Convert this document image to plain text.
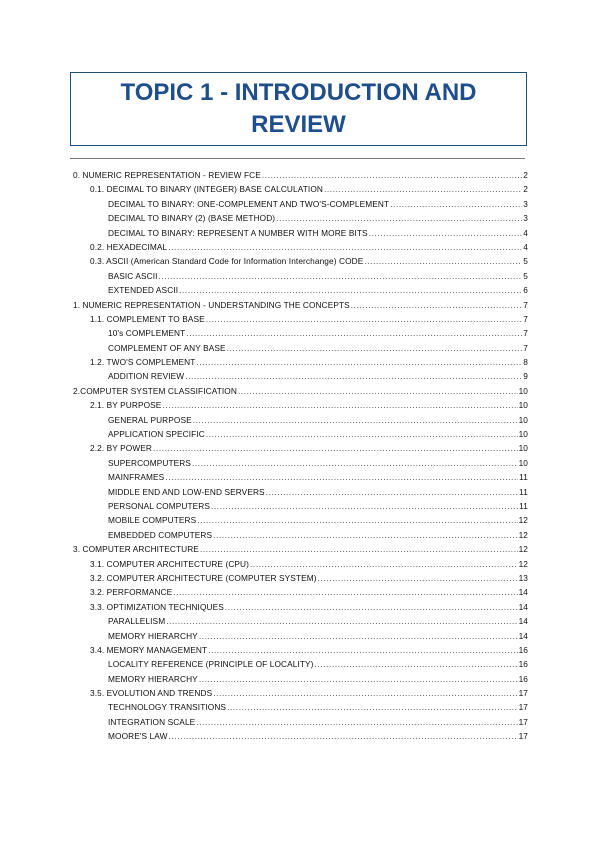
TOPIC 1 - INTRODUCTION AND
REVIEW
0. NUMERIC REPRESENTATION - REVIEW FCE .....	2
0.1. DECIMAL TO BINARY (INTEGER) BASE CALCULATION .....	2
DECIMAL TO BINARY: ONE-COMPLEMENT AND TWO'S-COMPLEMENT .....	3
DECIMAL TO BINARY (2) (BASE METHOD) .....	3
DECIMAL TO BINARY: REPRESENT A NUMBER WITH MORE BITS .....	4
0.2. HEXADECIMAL .....	4
0.3. ASCII (American Standard Code for Information Interchange) CODE .....	5
BASIC ASCII .....	5
EXTENDED ASCII .....	6
1. NUMERIC REPRESENTATION - UNDERSTANDING THE CONCEPTS .....	7
1.1. COMPLEMENT TO BASE .....	7
10's COMPLEMENT .....	7
COMPLEMENT OF ANY BASE .....	7
1.2. TWO'S COMPLEMENT .....	8
ADDITION REVIEW .....	9
2.COMPUTER SYSTEM CLASSIFICATION .....	10
2.1. BY PURPOSE .....	10
GENERAL PURPOSE .....	10
APPLICATION SPECIFIC .....	10
2.2. BY POWER .....	10
SUPERCOMPUTERS .....	10
MAINFRAMES .....	11
MIDDLE END AND LOW-END SERVERS .....	11
PERSONAL COMPUTERS .....	11
MOBILE COMPUTERS .....	12
EMBEDDED COMPUTERS .....	12
3. COMPUTER ARCHITECTURE .....	12
3.1. COMPUTER ARCHITECTURE (CPU) .....	12
3.2. COMPUTER ARCHITECTURE (COMPUTER SYSTEM) .....	13
3.2. PERFORMANCE .....	14
3.3. OPTIMIZATION TECHNIQUES .....	14
PARALLELISM .....	14
MEMORY HIERARCHY .....	14
3.4. MEMORY MANAGEMENT .....	16
LOCALITY REFERENCE (PRINCIPLE OF LOCALITY) .....	16
MEMORY HIERARCHY .....	16
3.5. EVOLUTION AND TRENDS .....	17
TECHNOLOGY TRANSITIONS .....	17
INTEGRATION SCALE .....	17
MOORE'S LAW .....	17
